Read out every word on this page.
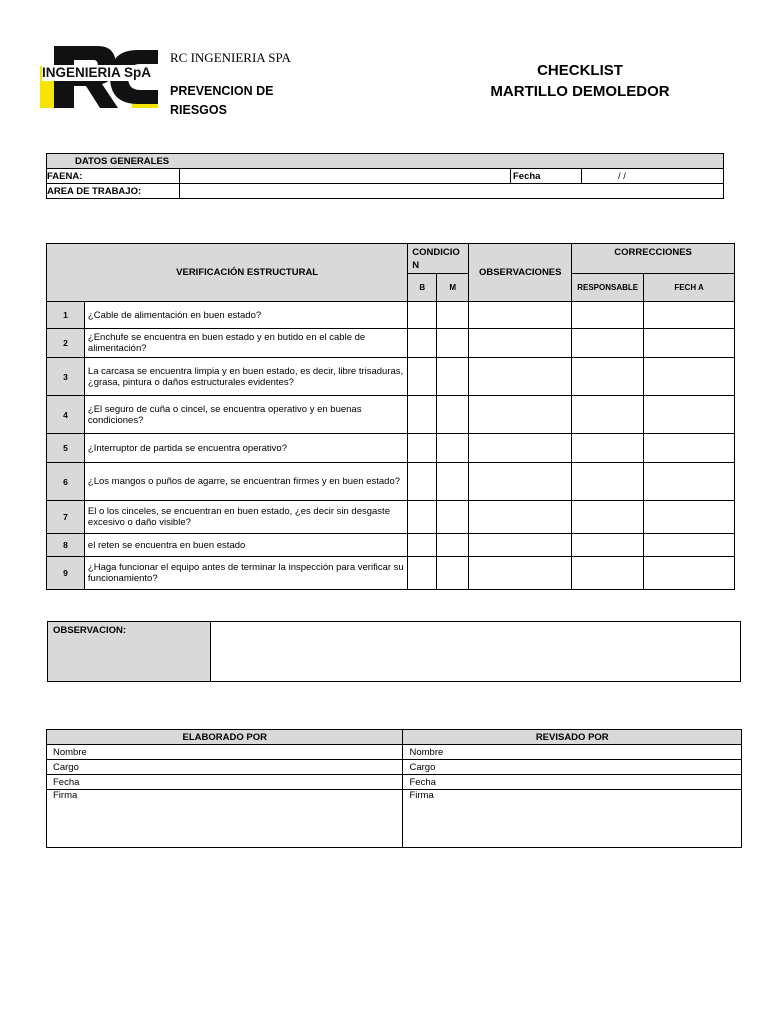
INGENIERIA SpA
RC INGENIERIA SPA
PREVENCION DE RIESGOS
CHECKLIST
MARTILLO DEMOLEDOR
DATOS GENERALES			
FAENA:		Fecha	/ /
AREA DE TRABAJO:			
VERIFICACIÓN ESTRUCTURAL		CONDICIO N		OBSERVACIONES	CORRECCIONES	
		B	M		RESPONSABLE	FECH A
1	¿Cable de alimentación en buen estado?					
2	¿Enchufe se encuentra en buen estado y en butido en el cable de alimentación?					
3	La carcasa se encuentra limpia y en buen estado, es decir, libre trisaduras,¿grasa, pintura o daños estructurales evidentes?					
4	¿El seguro de cuña o cincel, se encuentra operativo y en buenas condiciones?					
5	¿Interruptor de partida se encuentra operativo?					
6	¿Los mangos o puños de agarre, se encuentran firmes y en buen estado?					
7	El o los cinceles, se encuentran en buen estado, ¿es decir sin desgaste excesivo o daño visible?					
8	el reten se encuentra en buen estado					
9	¿Haga funcionar el equipo antes de terminar la inspección para verificar su funcionamiento?					
OBSERVACION:
ELABORADO POR	REVISADO POR
Nombre	Nombre
Cargo	Cargo
Fecha	Fecha
Firma	Firma
